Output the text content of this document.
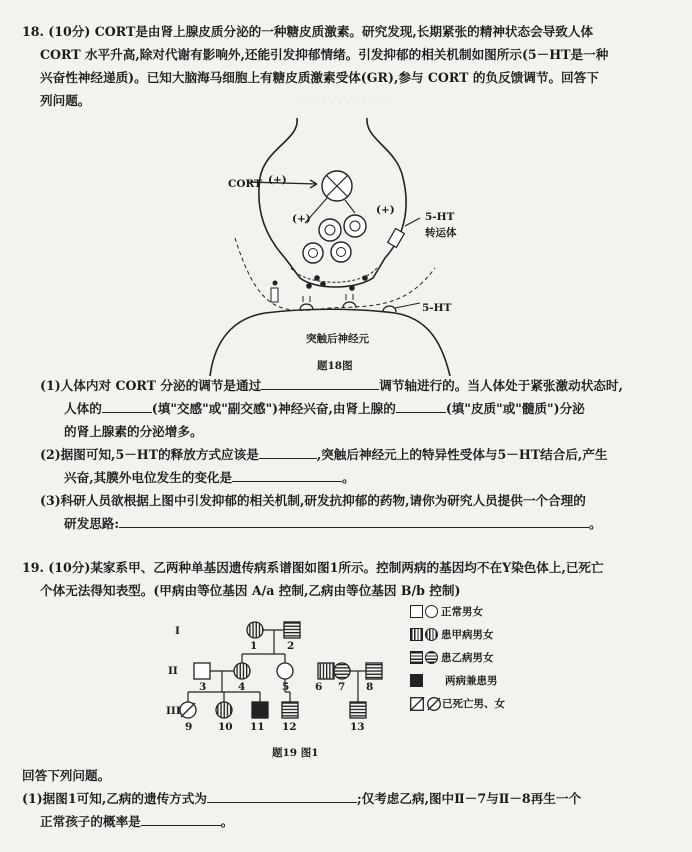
· · · · · · · · · · · ·

18. (10分) CORT是由肾上腺皮质分泌的一种糖皮质激素。研究发现,长期紧张的精神状态会导致人体

CORT 水平升高,除对代谢有影响外,还能引发抑郁情绪。引发抑郁的相关机制如图所示(5－HT是一种

兴奋性神经递质)。已知大脑海马细胞上有糖皮质激素受体(GR),参与 CORT 的负反馈调节。回答下

列问题。

CORT (+)
(+)
(+)
5-HT
转运体
5-HT
突触后神经元
题18图

(1)人体内对 CORT 分泌的调节是通过	调节轴进行的。当人体处于紧张激动状态时,

人体的	(填"交感"或"副交感")神经兴奋,由肾上腺的	(填"皮质"或"髓质")分泌

的肾上腺素的分泌增多。

(2)据图可知,5－HT的释放方式应该是	,突触后神经元上的特异性受体与5－HT结合后,产生

兴奋,其膜外电位发生的变化是	。

(3)科研人员欲根据上图中引发抑郁的相关机制,研发抗抑郁的药物,请你为研究人员提供一个合理的

研发思路:	。

19. (10分)某家系甲、乙两种单基因遗传病系谱图如图1所示。控制两病的基因均不在Y染色体上,已死亡

个体无法得知表型。(甲病由等位基因 A/a 控制,乙病由等位基因 B/b 控制)

I
II
III
1	2
3	4	5 6 7 8
9 10 11 12	13
题19 图1
正常男女
患甲病男女
患乙病男女
两病兼患男
已死亡男、女

回答下列问题。

(1)据图1可知,乙病的遗传方式为	;仅考虑乙病,图中Ⅱ－7与Ⅱ－8再生一个

正常孩子的概率是	。
